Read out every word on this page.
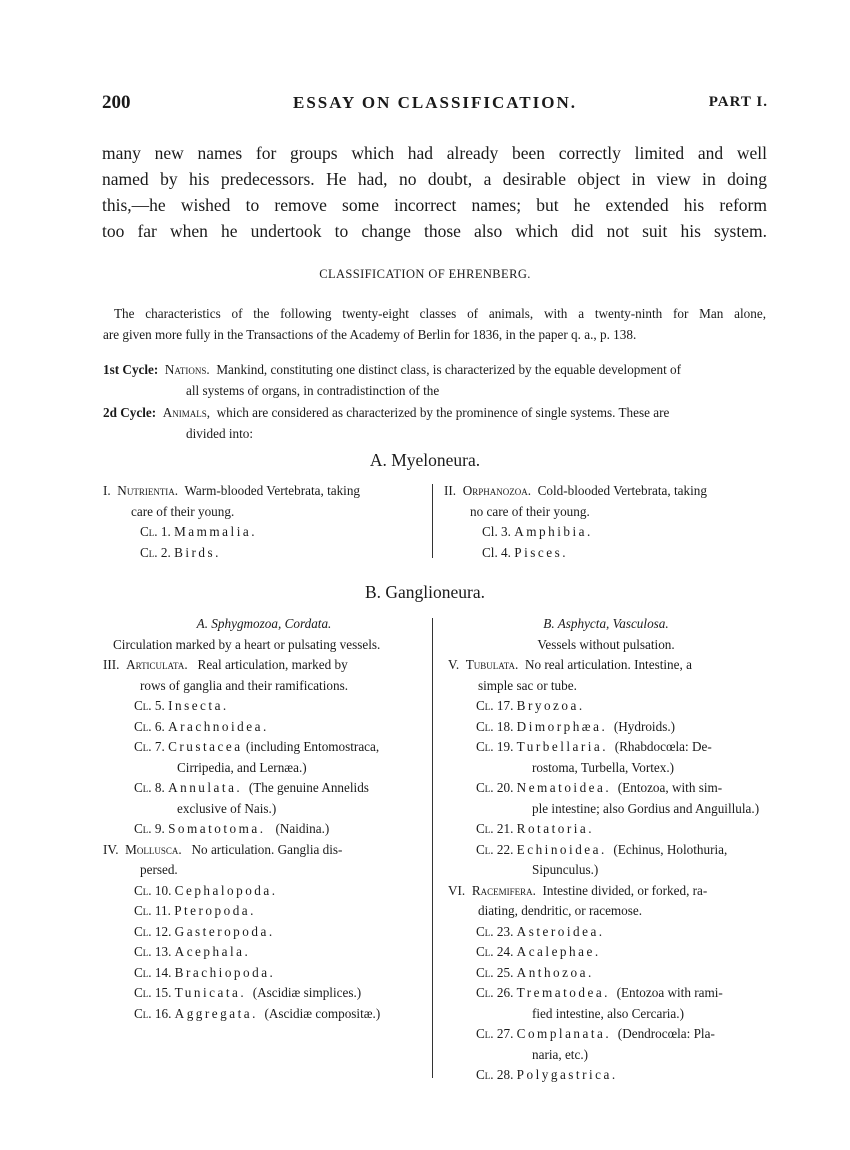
200	ESSAY ON CLASSIFICATION.	PART I.
many new names for groups which had already been correctly limited and well
named by his predecessors. He had, no doubt, a desirable object in view in doing
this,—he wished to remove some incorrect names; but he extended his reform
too far when he undertook to change those also which did not suit his system.
CLASSIFICATION OF EHRENBERG.
The characteristics of the following twenty-eight classes of animals, with a twenty-ninth for Man alone,
are given more fully in the Transactions of the Academy of Berlin for 1836, in the paper q. a., p. 138.
1st Cycle: Nations. Mankind, constituting one distinct class, is characterized by the equable development of
all systems of organs, in contradistinction of the
2d Cycle: Animals, which are considered as characterized by the prominence of single systems. These are
divided into:
A. Myeloneura.
I. Nutrientia. Warm-blooded Vertebrata, taking
care of their young.
Cl. 1. Mammalia.
Cl. 2. Birds.
II. Orphanozoa. Cold-blooded Vertebrata, taking
no care of their young.
Cl. 3. Amphibia.
Cl. 4. Pisces.
B. Ganglioneura.
A. Sphygmozoa, Cordata.
Circulation marked by a heart or pulsating vessels.
III. Articulata. Real articulation, marked by
rows of ganglia and their ramifications.
Cl. 5. Insecta.
Cl. 6. Arachnoidea.
Cl. 7. Crustacea (including Entomostraca,
Cirripedia, and Lernæa.)
Cl. 8. Annulata. (The genuine Annelids
exclusive of Nais.)
Cl. 9. Somatotoma. (Naidina.)
IV. Mollusca. No articulation. Ganglia dis-
persed.
Cl. 10. Cephalopoda.
Cl. 11. Pteropoda.
Cl. 12. Gasteropoda.
Cl. 13. Acephala.
Cl. 14. Brachiopoda.
Cl. 15. Tunicata. (Ascidiæ simplices.)
Cl. 16. Aggregata. (Ascidiæ compositæ.)
B. Asphycta, Vasculosa.
Vessels without pulsation.
V. Tubulata. No real articulation. Intestine, a
simple sac or tube.
Cl. 17. Bryozoa.
Cl. 18. Dimorphæa. (Hydroids.)
Cl. 19. Turbellaria. (Rhabdocœla: De-
rostoma, Turbella, Vortex.)
Cl. 20. Nematoidea. (Entozoa, with sim-
ple intestine; also Gordius and Anguillula.)
Cl. 21. Rotatoria.
Cl. 22. Echinoidea. (Echinus, Holothuria,
Sipunculus.)
VI. Racemifera. Intestine divided, or forked, ra-
diating, dendritic, or racemose.
Cl. 23. Asteroidea.
Cl. 24. Acalephae.
Cl. 25. Anthozoa.
Cl. 26. Trematodea. (Entozoa with rami-
fied intestine, also Cercaria.)
Cl. 27. Complanata. (Dendrocœla: Pla-
naria, etc.)
Cl. 28. Polygastrica.
